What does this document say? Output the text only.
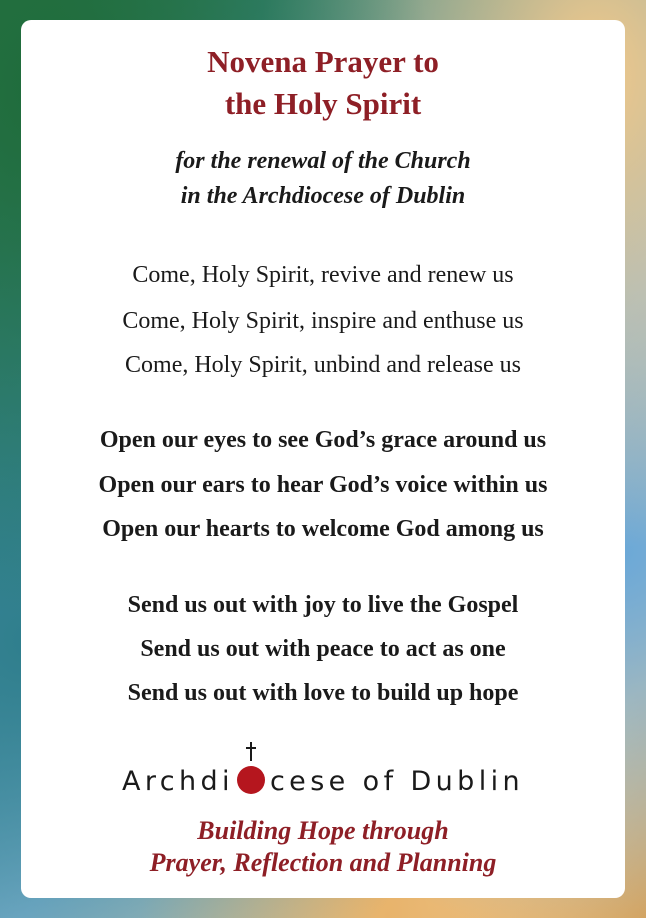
Novena Prayer to
the Holy Spirit
for the renewal of the Church
in the Archdiocese of Dublin
Come, Holy Spirit, revive and renew us
Come, Holy Spirit, inspire and enthuse us
Come, Holy Spirit, unbind and release us
Open our eyes to see God’s grace around us
Open our ears to hear God’s voice within us
Open our hearts to welcome God among us
Send us out with joy to live the Gospel
Send us out with peace to act as one
Send us out with love to build up hope
Archdi cese of Dublin
Building Hope through
Prayer, Reflection and Planning
